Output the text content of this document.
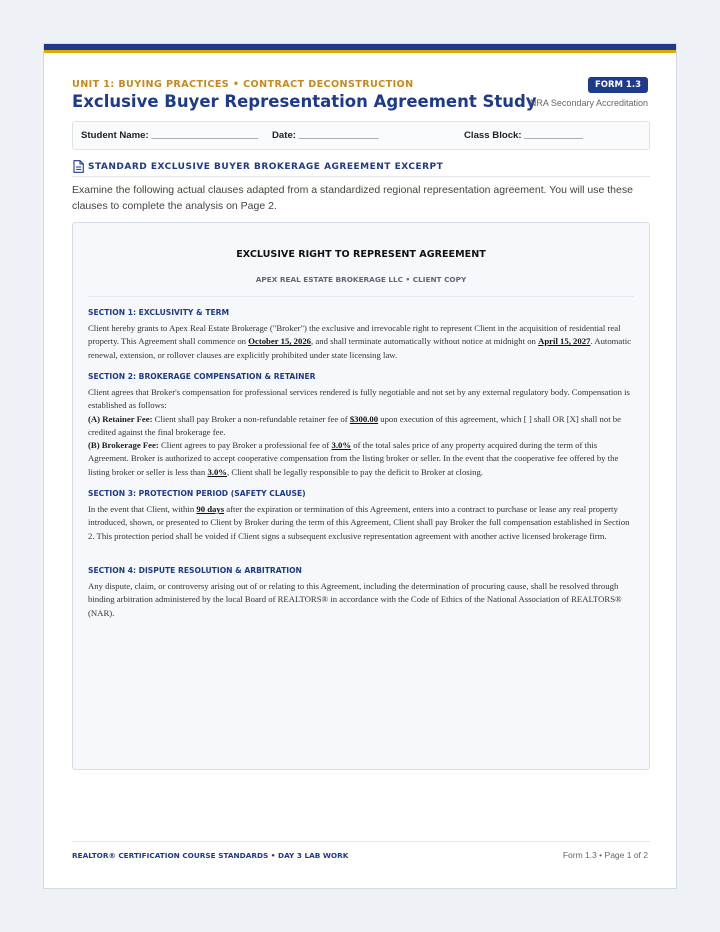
UNIT 1: BUYING PRACTICES • CONTRACT DECONSTRUCTION	FORM 1.3
Exclusive Buyer Representation Agreement Study
NRA Secondary Accreditation
Student Name: ____________________ Date: _______________	Class Block: ___________
STANDARD EXCLUSIVE BUYER BROKERAGE AGREEMENT EXCERPT

Examine the following actual clauses adapted from a standardized regional representation agreement. You will use these clauses to complete the analysis on Page 2.

EXCLUSIVE RIGHT TO REPRESENT AGREEMENT
APEX REAL ESTATE BROKERAGE LLC • CLIENT COPY
SECTION 1: EXCLUSIVITY & TERM

Client hereby grants to Apex Real Estate Brokerage ("Broker") the exclusive and irrevocable right to represent Client in the acquisition of residential real property. This Agreement shall commence on October 15, 2026, and shall terminate automatically without notice at midnight on April 15, 2027. Automatic renewal, extension, or rollover clauses are explicitly prohibited under state licensing law.

SECTION 2: BROKERAGE COMPENSATION & RETAINER

Client agrees that Broker's compensation for professional services rendered is fully negotiable and not set by any external regulatory body. Compensation is established as follows:
(A) Retainer Fee: Client shall pay Broker a non-refundable retainer fee of $300.00 upon execution of this agreement, which [ ] shall OR [X] shall not be credited against the final brokerage fee.
(B) Brokerage Fee: Client agrees to pay Broker a professional fee of 3.0% of the total sales price of any property acquired during the term of this Agreement. Broker is authorized to accept cooperative compensation from the listing broker or seller. In the event that the cooperative fee offered by the listing broker or seller is less than 3.0%, Client shall be legally responsible to pay the deficit to Broker at closing.

SECTION 3: PROTECTION PERIOD (SAFETY CLAUSE)

In the event that Client, within 90 days after the expiration or termination of this Agreement, enters into a contract to purchase or lease any real property introduced, shown, or presented to Client by Broker during the term of this Agreement, Client shall pay Broker the full compensation established in Section 2. This protection period shall be voided if Client signs a subsequent exclusive representation agreement with another active licensed brokerage firm.

SECTION 4: DISPUTE RESOLUTION & ARBITRATION

Any dispute, claim, or controversy arising out of or relating to this Agreement, including the determination of procuring cause, shall be resolved through binding arbitration administered by the local Board of REALTORS® in accordance with the Code of Ethics of the National Association of REALTORS® (NAR).

REALTOR® CERTIFICATION COURSE STANDARDS • DAY 3 LAB WORK	Form 1.3 • Page 1 of 2
